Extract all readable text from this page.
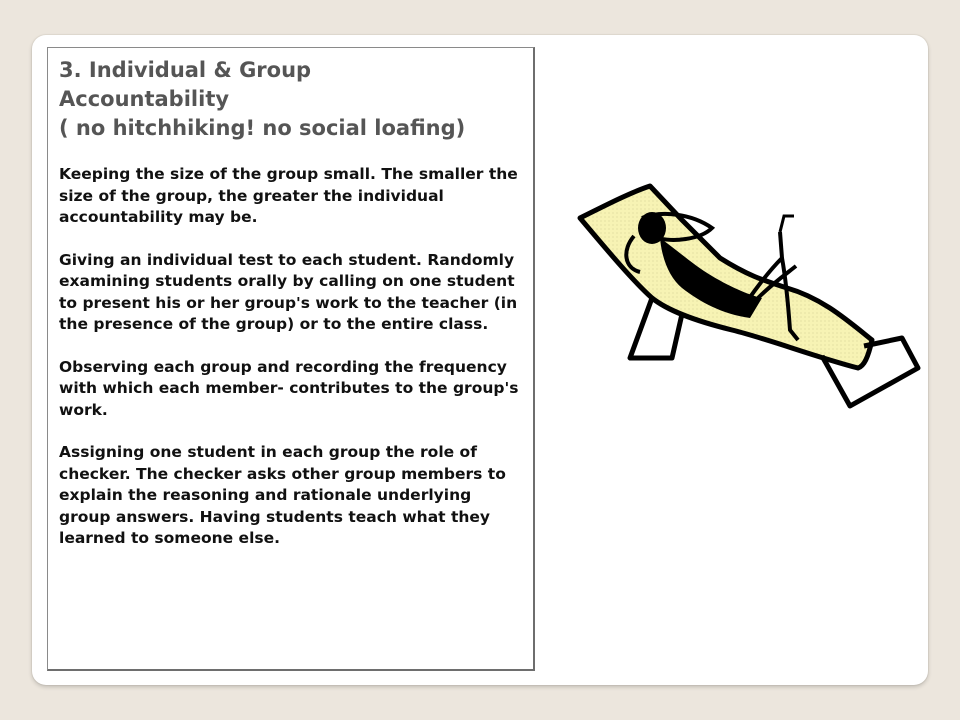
3. Individual & Group
Accountability
( no hitchhiking! no social loafing)

Keeping the size of the group small. The smaller the size of the group, the greater the individual accountability may be.

Giving an individual test to each student. Randomly examining students orally by calling on one student to present his or her group's work to the teacher (in the presence of the group) or to the entire class.

Observing each group and recording the frequency with which each member- contributes to the group's work.

Assigning one student in each group the role of checker. The checker asks other group members to explain the reasoning and rationale underlying group answers. Having students teach what they learned to someone else.
